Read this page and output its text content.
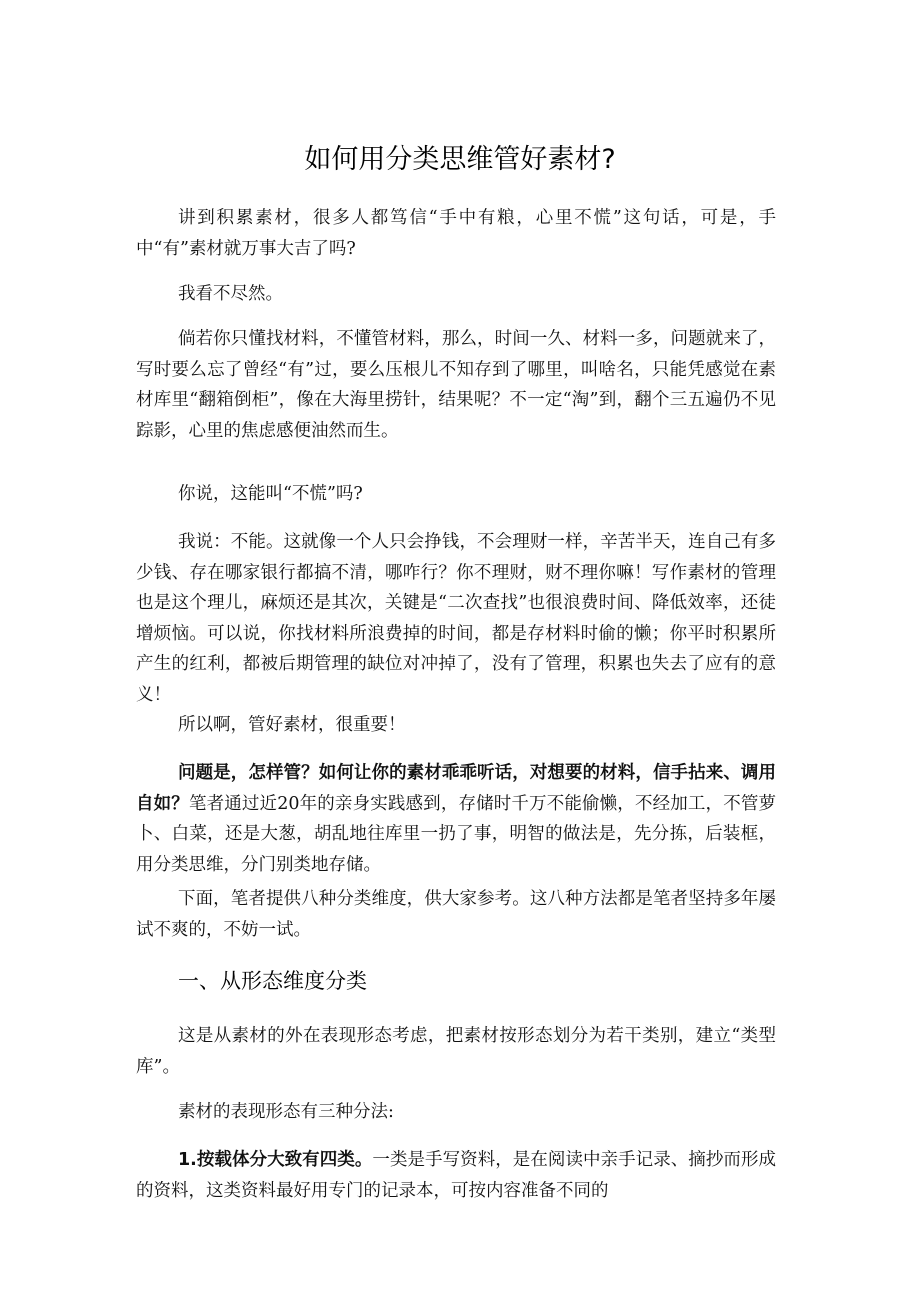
如何用分类思维管好素材?

讲到积累素材，很多人都笃信“手中有粮，心里不慌”这句话，可是，手中“有”素材就万事大吉了吗?

我看不尽然。

倘若你只懂找材料，不懂管材料，那么，时间一久、材料一多，问题就来了，写时要么忘了曾经“有”过，要么压根儿不知存到了哪里，叫啥名，只能凭感觉在素材库里“翻箱倒柜”，像在大海里捞针，结果呢？不一定“淘”到，翻个三五遍仍不见踪影，心里的焦虑感便油然而生。

你说，这能叫“不慌”吗?

我说：不能。这就像一个人只会挣钱，不会理财一样，辛苦半天，连自己有多少钱、存在哪家银行都搞不清，哪咋行？你不理财，财不理你嘛！写作素材的管理也是这个理儿，麻烦还是其次，关键是“二次查找”也很浪费时间、降低效率，还徒增烦恼。可以说，你找材料所浪费掉的时间，都是存材料时偷的懒；你平时积累所产生的红利，都被后期管理的缺位对冲掉了，没有了管理，积累也失去了应有的意义！

所以啊，管好素材，很重要！

问题是，怎样管？如何让你的素材乖乖听话，对想要的材料，信手拈来、调用自如？笔者通过近20年的亲身实践感到，存储时千万不能偷懒，不经加工，不管萝卜、白菜，还是大葱，胡乱地往库里一扔了事，明智的做法是，先分拣，后装框，用分类思维，分门别类地存储。

下面，笔者提供八种分类维度，供大家参考。这八种方法都是笔者坚持多年屡试不爽的，不妨一试。

一、从形态维度分类

这是从素材的外在表现形态考虑，把素材按形态划分为若干类别，建立“类型库”。

素材的表现形态有三种分法:

1.按载体分大致有四类。一类是手写资料，是在阅读中亲手记录、摘抄而形成的资料，这类资料最好用专门的记录本，可按内容准备不同的
